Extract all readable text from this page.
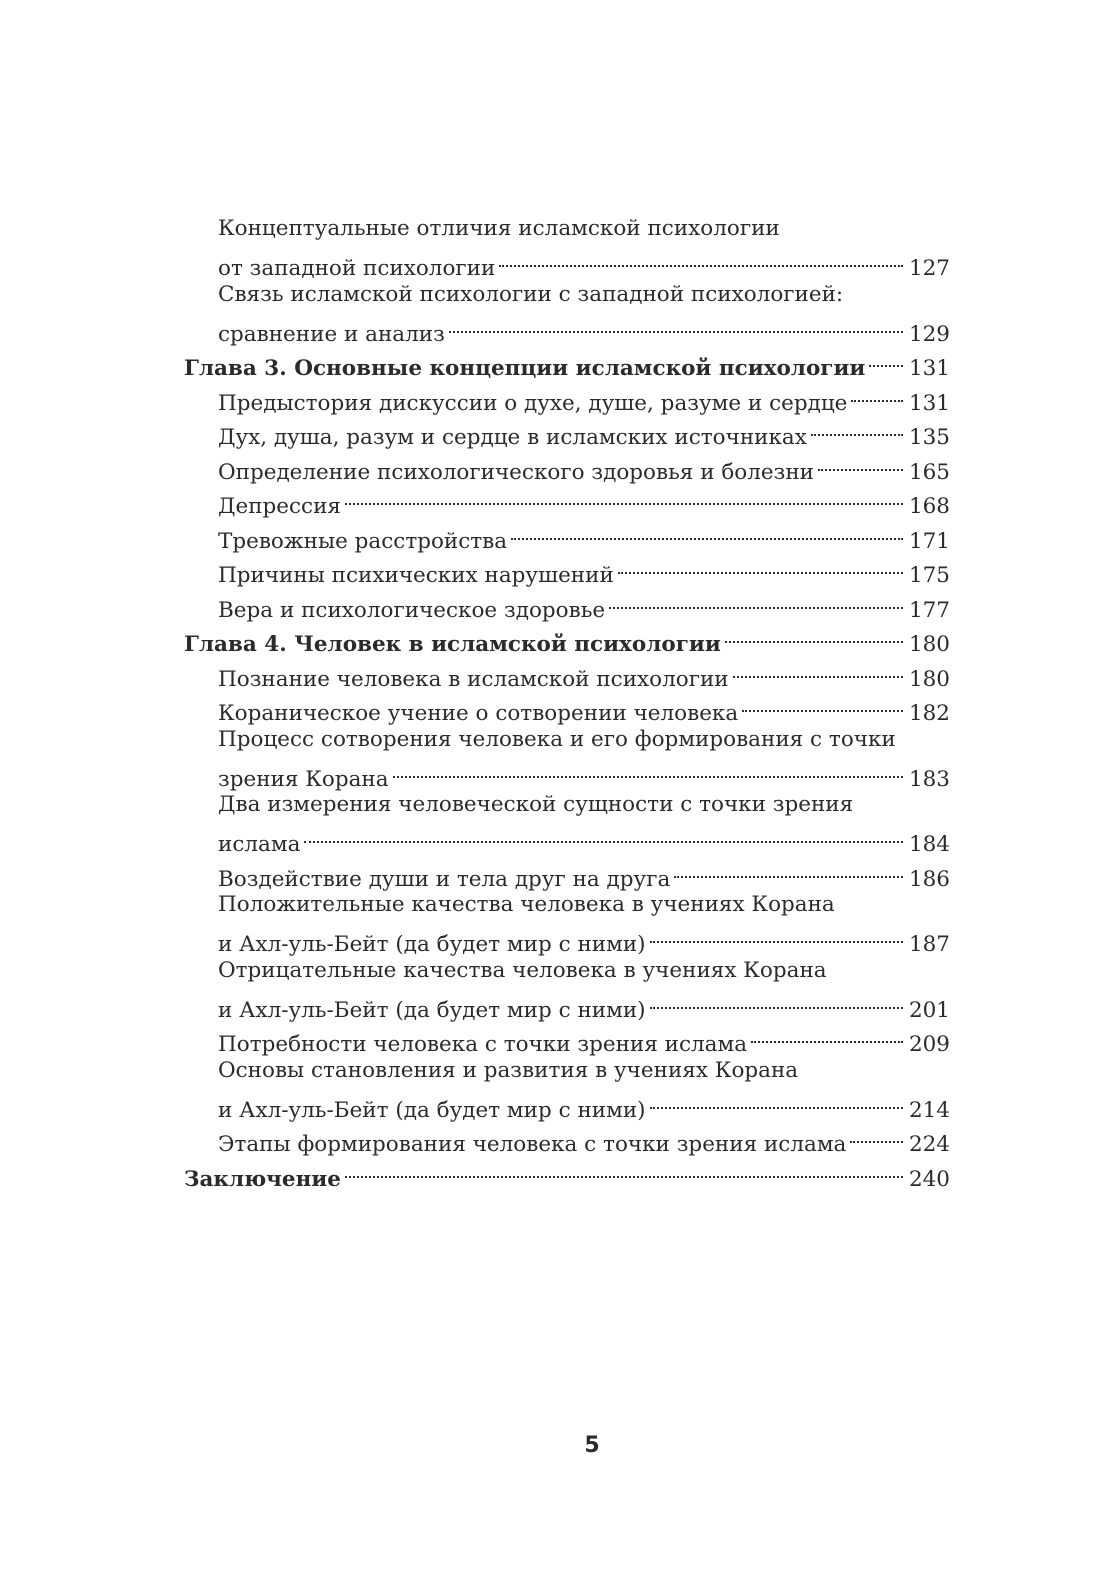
Концептуальные отличия исламской психологии
от западной психологии	127
Связь исламской психологии с западной психологией:
сравнение и анализ	129
Глава 3. Основные концепции исламской психологии 131
Предыстория дискуссии о духе, душе, разуме и сердце	131
Дух, душа, разум и сердце в исламских источниках	135
Определение психологического здоровья и болезни	165
Депрессия	168
Тревожные расстройства	171
Причины психических нарушений	175
Вера и психологическое здоровье	177
Глава 4. Человек в исламской психологии	180
Познание человека в исламской психологии	180
Кораническое учение о сотворении человека	182
Процесс сотворения человека и его формирования с точки
зрения Корана	183
Два измерения человеческой сущности с точки зрения
ислама	184
Воздействие души и тела друг на друга	186
Положительные качества человека в учениях Корана
и Ахл-уль-Бейт (да будет мир с ними)	187
Отрицательные качества человека в учениях Корана
и Ахл-уль-Бейт (да будет мир с ними)	201
Потребности человека с точки зрения ислама	209
Основы становления и развития в учениях Корана
и Ахл-уль-Бейт (да будет мир с ними)	214
Этапы формирования человека с точки зрения ислама	224
Заключение	240
5
